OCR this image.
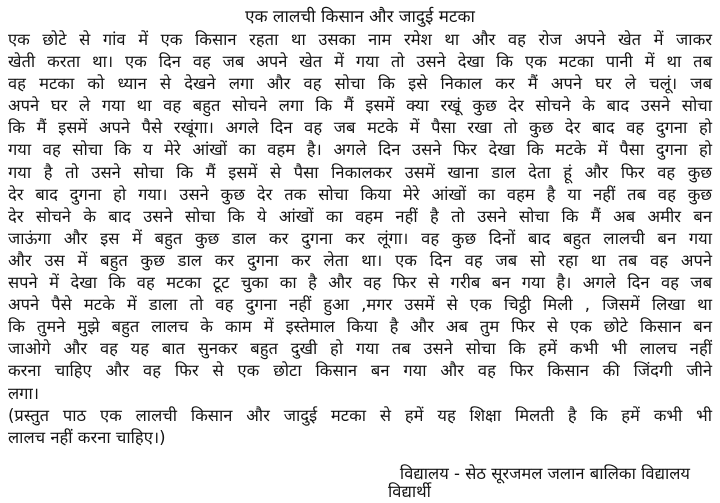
एक लालची किसान और जादुई मटका
एक छोटे से गांव में एक किसान रहता था उसका नाम रमेश था और वह रोज अपने खेत में जाकर
खेती करता था। एक दिन वह जब अपने खेत में गया तो उसने देखा कि एक मटका पानी में था तब
वह मटका को ध्यान से देखने लगा और वह सोचा कि इसे निकाल कर मैं अपने घर ले चलूं। जब
अपने घर ले गया था वह बहुत सोचने लगा कि मैं इसमें क्या रखूं कुछ देर सोचने के बाद उसने सोचा
कि मैं इसमें अपने पैसे रखूंगा। अगले दिन वह जब मटके में पैसा रखा तो कुछ देर बाद वह दुगना हो
गया वह सोचा कि य मेरे आंखों का वहम है। अगले दिन उसने फिर देखा कि मटके में पैसा दुगना हो
गया है तो उसने सोचा कि मैं इसमें से पैसा निकालकर उसमें खाना डाल देता हूं और फिर वह कुछ
देर बाद दुगना हो गया। उसने कुछ देर तक सोचा किया मेरे आंखों का वहम है या नहीं तब वह कुछ
देर सोचने के बाद उसने सोचा कि ये आंखों का वहम नहीं है तो उसने सोचा कि मैं अब अमीर बन
जाऊंगा और इस में बहुत कुछ डाल कर दुगना कर लूंगा। वह कुछ दिनों बाद बहुत लालची बन गया
और उस में बहुत कुछ डाल कर दुगना कर लेता था। एक दिन वह जब सो रहा था तब वह अपने
सपने में देखा कि वह मटका टूट चुका का है और वह फिर से गरीब बन गया है। अगले दिन वह जब
अपने पैसे मटके में डाला तो वह दुगना नहीं हुआ ,मगर उसमें से एक चिट्ठी मिली , जिसमें लिखा था
कि तुमने मुझे बहुत लालच के काम में इस्तेमाल किया है और अब तुम फिर से एक छोटे किसान बन
जाओगे और वह यह बात सुनकर बहुत दुखी हो गया तब उसने सोचा कि हमें कभी भी लालच नहीं
करना चाहिए और वह फिर से एक छोटा किसान बन गया और वह फिर किसान की जिंदगी जीने
लगा।
(प्रस्तुत पाठ एक लालची किसान और जादुई मटका से हमें यह शिक्षा मिलती है कि हमें कभी भी
लालच नहीं करना चाहिए।)
विद्यालय - सेठ सूरजमल जलान बालिका विद्यालय
विद्यार्थी
